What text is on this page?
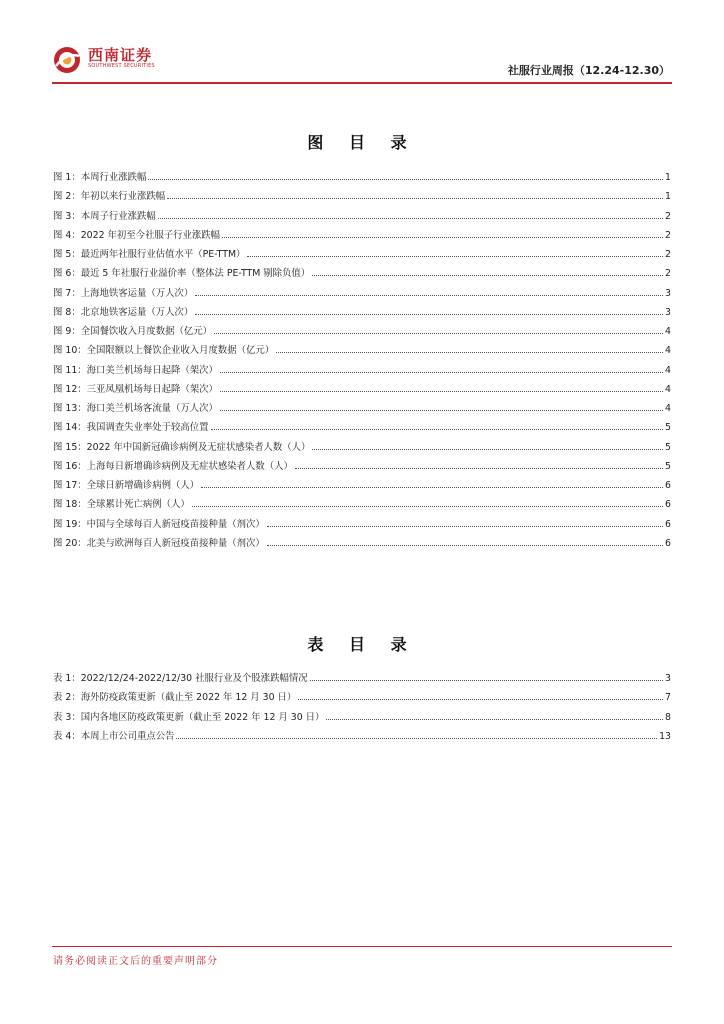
西南证券
SOUTHWEST SECURITIES	社服行业周报（12.24-12.30）
图 目 录
图 1：本周行业涨跌幅	1
图 2：年初以来行业涨跌幅	1
图 3：本周子行业涨跌幅	2
图 4：2022 年初至今社服子行业涨跌幅	2
图 5：最近两年社服行业估值水平（PE-TTM）	2
图 6：最近 5 年社服行业溢价率（整体法 PE-TTM 剔除负值）	2
图 7：上海地铁客运量（万人次）	3
图 8：北京地铁客运量（万人次）	3
图 9：全国餐饮收入月度数据（亿元）	4
图 10：全国限额以上餐饮企业收入月度数据（亿元）	4
图 11：海口美兰机场每日起降（架次）	4
图 12：三亚凤凰机场每日起降（架次）	4
图 13：海口美兰机场客流量（万人次）	4
图 14：我国调查失业率处于较高位置	5
图 15：2022 年中国新冠确诊病例及无症状感染者人数（人）	5
图 16：上海每日新增确诊病例及无症状感染者人数（人）	5
图 17：全球日新增确诊病例（人）	6
图 18：全球累计死亡病例（人）	6
图 19：中国与全球每百人新冠疫苗接种量（剂次）	6
图 20：北美与欧洲每百人新冠疫苗接种量（剂次）	6
表 目 录
表 1：2022/12/24-2022/12/30 社服行业及个股涨跌幅情况	3
表 2：海外防疫政策更新（截止至 2022 年 12 月 30 日）	7
表 3：国内各地区防疫政策更新（截止至 2022 年 12 月 30 日）	8
表 4：本周上市公司重点公告	13
请务必阅读正文后的重要声明部分
